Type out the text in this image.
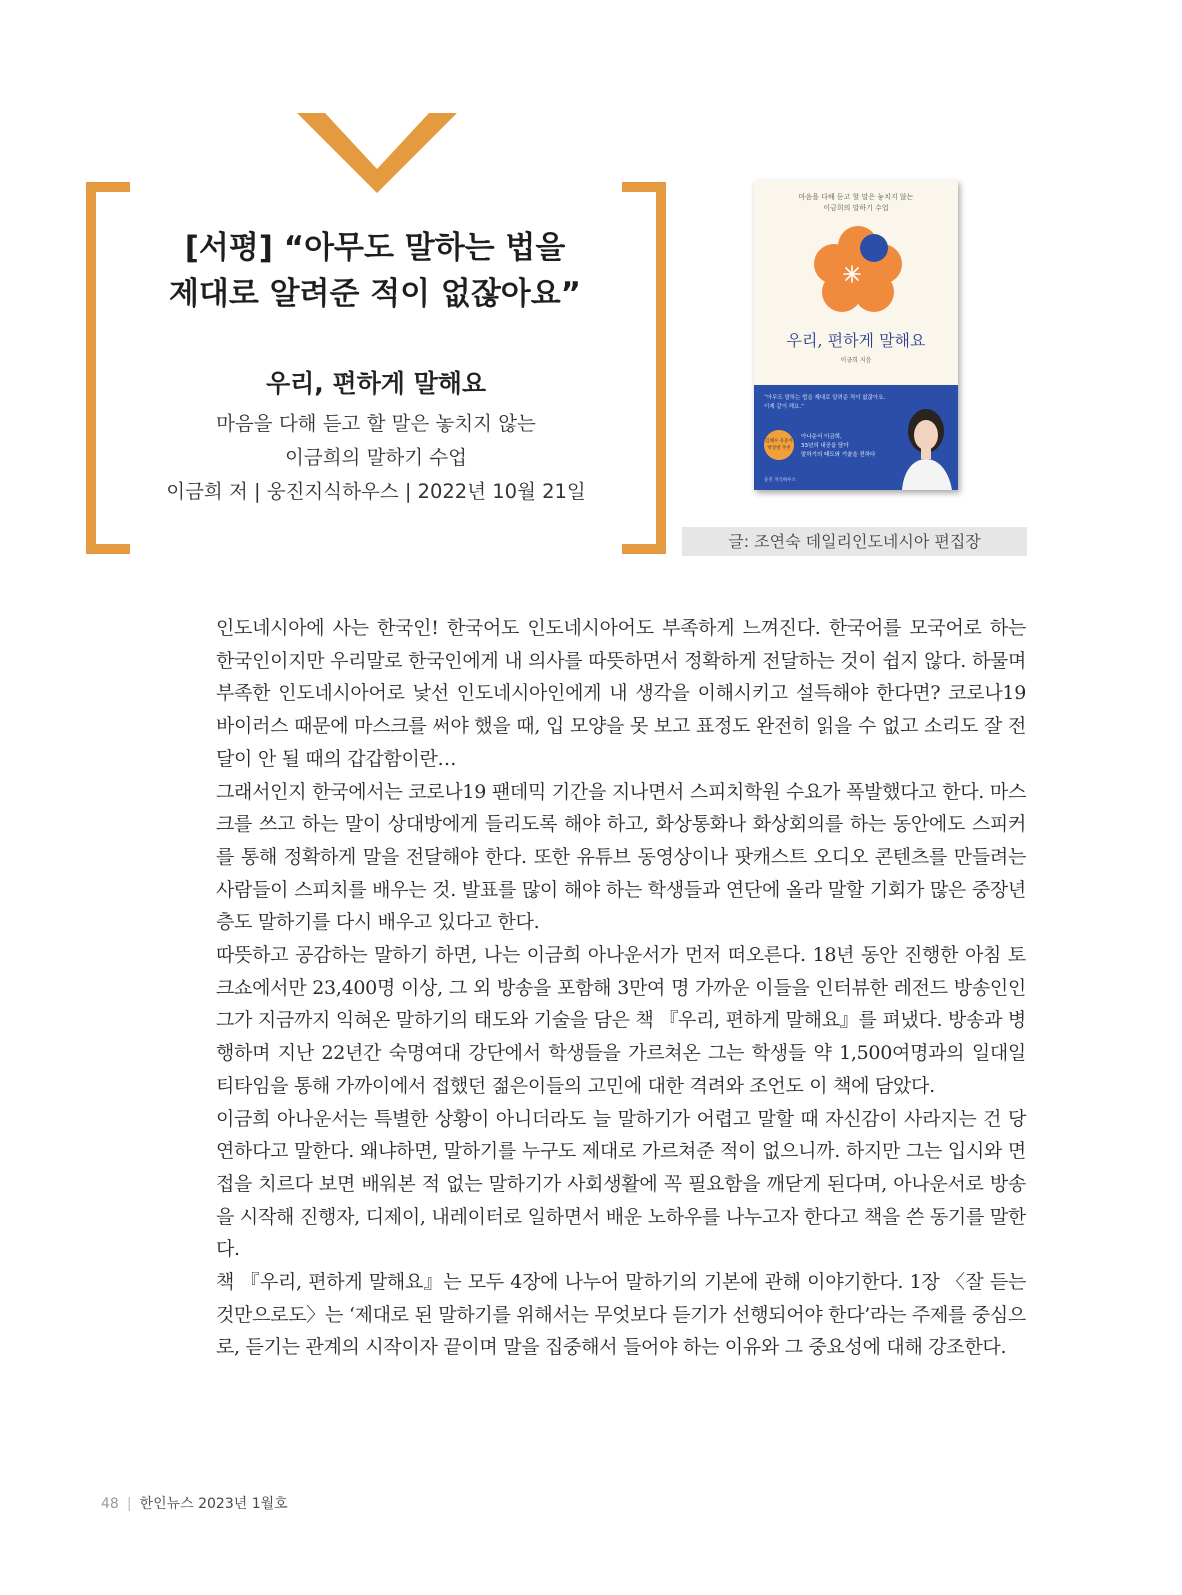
[서평] “아무도 말하는 법을
제대로 알려준 적이 없잖아요”
우리, 편하게 말해요
마음을 다해 듣고 할 말은 놓치지 않는
이금희의 말하기 수업
이금희 저 | 웅진지식하우스 | 2022년 10월 21일
마음을 다해 듣고 할 말은 놓치지 않는
이금희의 말하기 수업
우리, 편하게 말해요
이금희 지음
“아무도 말하는 법을 제대로 알려준 적이 없잖아요.
이제 같이 해요.”
김혜수 유준이 박상영 추천
아나운서 이금희,
33년의 내공을 담아
말하기의 태도와 기술을 전하다
웅진 지식하우스
글: 조연숙 데일리인도네시아 편집장

인도네시아에 사는 한국인! 한국어도 인도네시아어도 부족하게 느껴진다. 한국어를 모국어로 하는 한국인이지만 우리말로 한국인에게 내 의사를 따뜻하면서 정확하게 전달하는 것이 쉽지 않다. 하물며 부족한 인도네시아어로 낯선 인도네시아인에게 내 생각을 이해시키고 설득해야 한다면? 코로나19 바이러스 때문에 마스크를 써야 했을 때, 입 모양을 못 보고 표정도 완전히 읽을 수 없고 소리도 잘 전달이 안 될 때의 갑갑함이란…

그래서인지 한국에서는 코로나19 팬데믹 기간을 지나면서 스피치학원 수요가 폭발했다고 한다. 마스크를 쓰고 하는 말이 상대방에게 들리도록 해야 하고, 화상통화나 화상회의를 하는 동안에도 스피커를 통해 정확하게 말을 전달해야 한다. 또한 유튜브 동영상이나 팟캐스트 오디오 콘텐츠를 만들려는 사람들이 스피치를 배우는 것. 발표를 많이 해야 하는 학생들과 연단에 올라 말할 기회가 많은 중장년층도 말하기를 다시 배우고 있다고 한다.

따뜻하고 공감하는 말하기 하면, 나는 이금희 아나운서가 먼저 떠오른다. 18년 동안 진행한 아침 토크쇼에서만 23,400명 이상, 그 외 방송을 포함해 3만여 명 가까운 이들을 인터뷰한 레전드 방송인인 그가 지금까지 익혀온 말하기의 태도와 기술을 담은 책 『우리, 편하게 말해요』를 펴냈다. 방송과 병행하며 지난 22년간 숙명여대 강단에서 학생들을 가르쳐온 그는 학생들 약 1,500여명과의 일대일 티타임을 통해 가까이에서 접했던 젊은이들의 고민에 대한 격려와 조언도 이 책에 담았다.

이금희 아나운서는 특별한 상황이 아니더라도 늘 말하기가 어렵고 말할 때 자신감이 사라지는 건 당연하다고 말한다. 왜냐하면, 말하기를 누구도 제대로 가르쳐준 적이 없으니까. 하지만 그는 입시와 면접을 치르다 보면 배워본 적 없는 말하기가 사회생활에 꼭 필요함을 깨닫게 된다며, 아나운서로 방송을 시작해 진행자, 디제이, 내레이터로 일하면서 배운 노하우를 나누고자 한다고 책을 쓴 동기를 말한다.

책 『우리, 편하게 말해요』는 모두 4장에 나누어 말하기의 기본에 관해 이야기한다. 1장 〈잘 듣는 것만으로도〉는 ‘제대로 된 말하기를 위해서는 무엇보다 듣기가 선행되어야 한다’라는 주제를 중심으로, 듣기는 관계의 시작이자 끝이며 말을 집중해서 들어야 하는 이유와 그 중요성에 대해 강조한다.

48 | 한인뉴스 2023년 1월호
